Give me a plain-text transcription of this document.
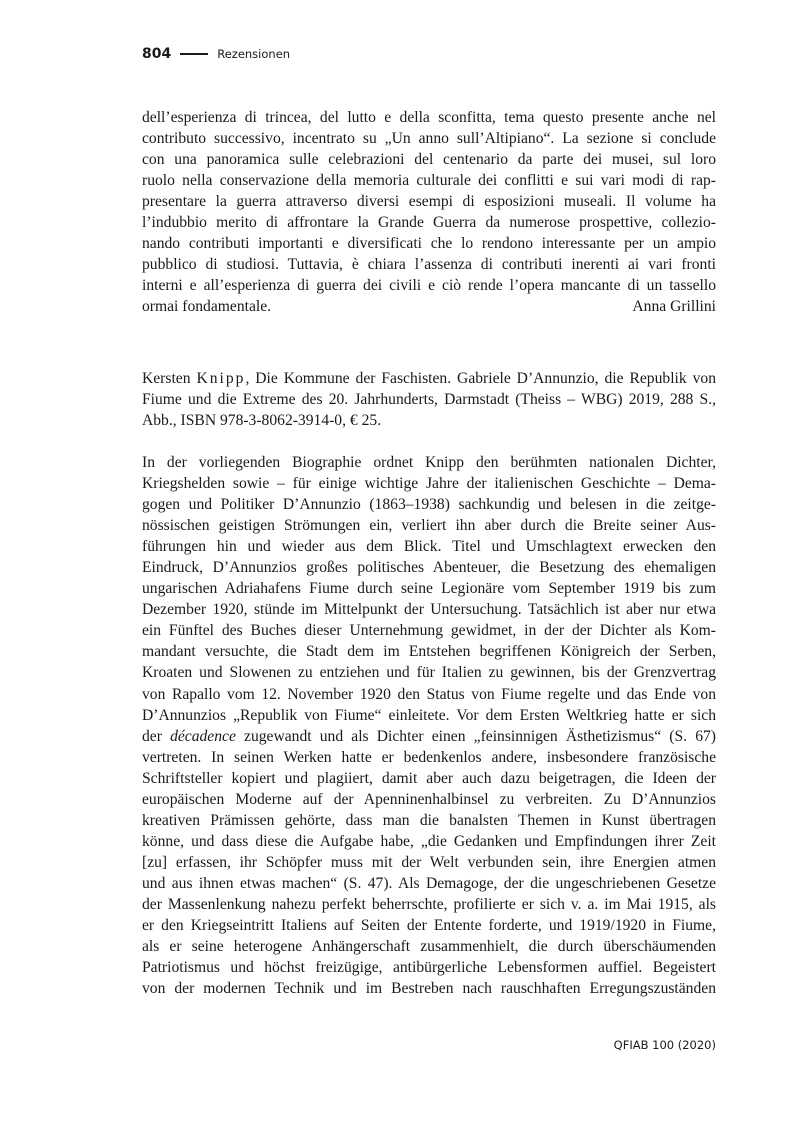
804	Rezensionen
dell’esperienza di trincea, del lutto e della sconfitta, tema questo presente anche nel
contributo successivo, incentrato su „Un anno sull’Altipiano“. La sezione si conclude
con una panoramica sulle celebrazioni del centenario da parte dei musei, sul loro
ruolo nella conservazione della memoria culturale dei conflitti e sui vari modi di rap-
presentare la guerra attraverso diversi esempi di esposizioni museali. Il volume ha
l’indubbio merito di affrontare la Grande Guerra da numerose prospettive, collezio-
nando contributi importanti e diversificati che lo rendono interessante per un ampio
pubblico di studiosi. Tuttavia, è chiara l’assenza di contributi inerenti ai vari fronti
interni e all’esperienza di guerra dei civili e ciò rende l’opera mancante di un tassello
ormai fondamentale.	Anna Grillini
Kersten Knipp, Die Kommune der Faschisten. Gabriele D’Annunzio, die Republik von
Fiume und die Extreme des 20. Jahrhunderts, Darmstadt (Theiss – WBG) 2019, 288 S.,
Abb., ISBN 978-3-8062-3914-0, € 25.
In der vorliegenden Biographie ordnet Knipp den berühmten nationalen Dichter,
Kriegshelden sowie – für einige wichtige Jahre der italienischen Geschichte – Dema-
gogen und Politiker D’Annunzio (1863–1938) sachkundig und belesen in die zeitge-
nössischen geistigen Strömungen ein, verliert ihn aber durch die Breite seiner Aus-
führungen hin und wieder aus dem Blick. Titel und Umschlagtext erwecken den
Eindruck, D’Annunzios großes politisches Abenteuer, die Besetzung des ehemaligen
ungarischen Adriahafens Fiume durch seine Legionäre vom September 1919 bis zum
Dezember 1920, stünde im Mittelpunkt der Untersuchung. Tatsächlich ist aber nur etwa
ein Fünftel des Buches dieser Unternehmung gewidmet, in der der Dichter als Kom-
mandant versuchte, die Stadt dem im Entstehen begriffenen Königreich der Serben,
Kroaten und Slowenen zu entziehen und für Italien zu gewinnen, bis der Grenzvertrag
von Rapallo vom 12. November 1920 den Status von Fiume regelte und das Ende von
D’Annunzios „Republik von Fiume“ einleitete. Vor dem Ersten Weltkrieg hatte er sich
der décadence zugewandt und als Dichter einen „feinsinnigen Ästhetizismus“ (S. 67)
vertreten. In seinen Werken hatte er bedenkenlos andere, insbesondere französische
Schriftsteller kopiert und plagiiert, damit aber auch dazu beigetragen, die Ideen der
europäischen Moderne auf der Apenninenhalbinsel zu verbreiten. Zu D’Annunzios
kreativen Prämissen gehörte, dass man die banalsten Themen in Kunst übertragen
könne, und dass diese die Aufgabe habe, „die Gedanken und Empfindungen ihrer Zeit
[zu] erfassen, ihr Schöpfer muss mit der Welt verbunden sein, ihre Energien atmen
und aus ihnen etwas machen“ (S. 47). Als Demagoge, der die ungeschriebenen Gesetze
der Massenlenkung nahezu perfekt beherrschte, profilierte er sich v. a. im Mai 1915, als
er den Kriegseintritt Italiens auf Seiten der Entente forderte, und 1919/1920 in Fiume,
als er seine heterogene Anhängerschaft zusammenhielt, die durch überschäumenden
Patriotismus und höchst freizügige, antibürgerliche Lebensformen auffiel. Begeistert
von der modernen Technik und im Bestreben nach rauschhaften Erregungszuständen
QFIAB 100 (2020)
